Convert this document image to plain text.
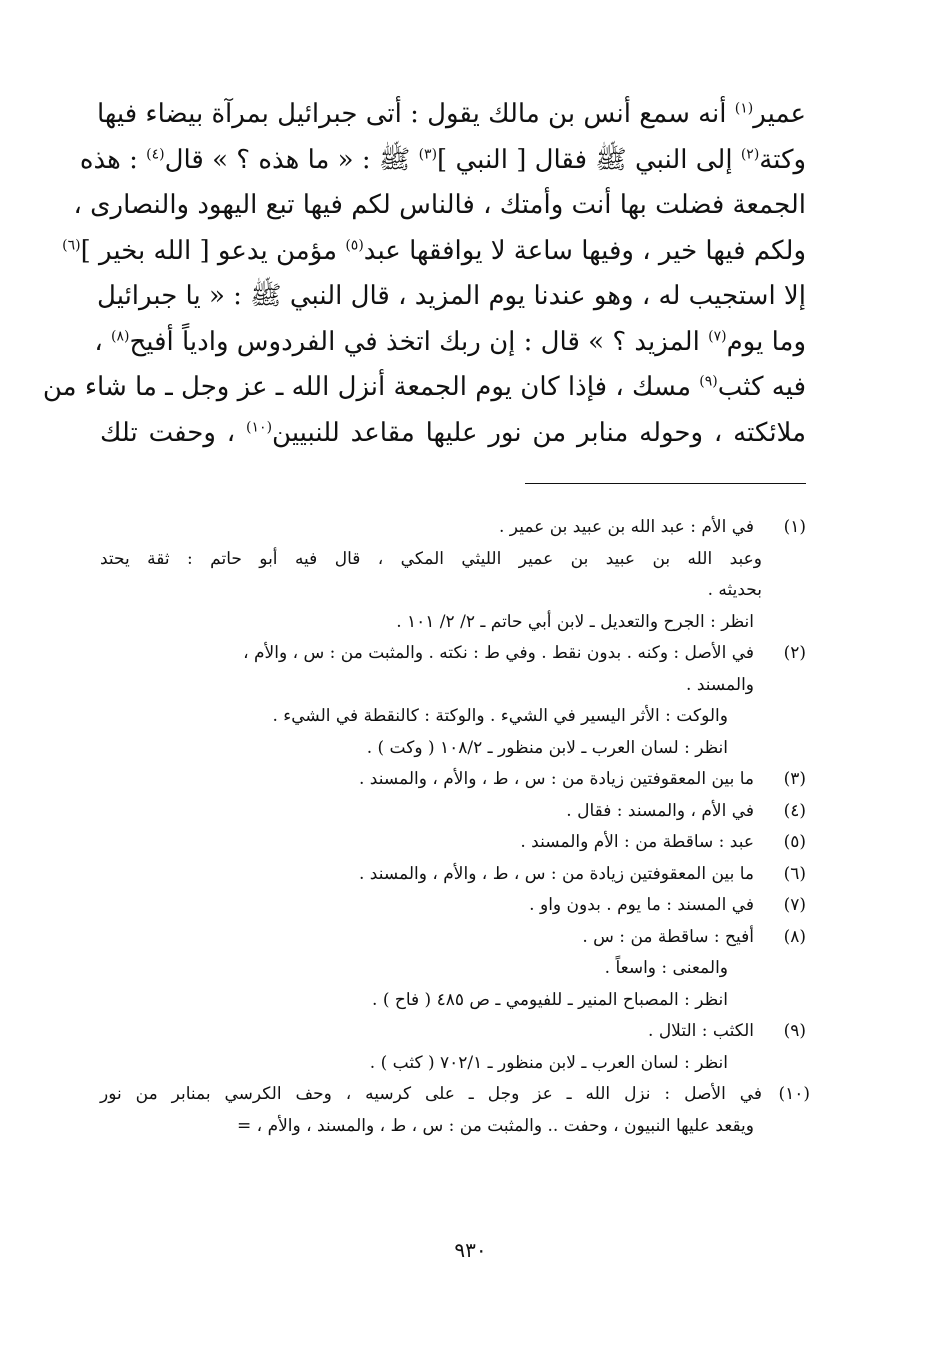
عمير$^{(١)}$ أنه سمع أنس بن مالك يقول : أتى جبرائيل بمرآة بيضاء فيها
وكتة$^{(٢)}$ إلى النبي ﷺ فقال [ النبي ]$^{(٣)}$ ﷺ : « ما هذه ؟ » قال$^{(٤)}$ : هذه
الجمعة فضلت بها أنت وأمتك ، فالناس لكم فيها تبع اليهود والنصارى ،
ولكم فيها خير ، وفيها ساعة لا يوافقها عبد$^{(٥)}$ مؤمن يدعو [ الله بخير ]$^{(٦)}$
إلا استجيب له ، وهو عندنا يوم المزيد ، قال النبي ﷺ : « يا جبرائيل
وما يوم$^{(٧)}$ المزيد ؟ » قال : إن ربك اتخذ في الفردوس وادياً أفيح$^{(٨)}$ ،
فيه كثب$^{(٩)}$ مسك ، فإذا كان يوم الجمعة أنزل الله ـ عز وجل ـ ما شاء من
ملائكته ، وحوله منابر من نور عليها مقاعد للنبيين$^{(١٠)}$ ، وحفت تلك
(١)
في الأم : عبد الله بن عبيد بن عمير .
وعبد الله بن عبيد بن عمير الليثي المكي ، قال فيه أبو حاتم : ثقة يحتد
بحديثه .
انظر : الجرح والتعديل ـ لابن أبي حاتم ـ ٢/ ٢/ ١٠١ .
(٢)
في الأصل : وكنه . بدون نقط . وفي ط : نكته . والمثبت من : س ، والأم ،
والمسند .
والوكت : الأثر اليسير في الشيء . والوكتة : كالنقطة في الشيء .
انظر : لسان العرب ـ لابن منظور ـ ١٠٨/٢ ( وكت ) .
(٣)
ما بين المعقوفتين زيادة من : س ، ط ، والأم ، والمسند .
(٤)
في الأم ، والمسند : فقال .
(٥)
عبد : ساقطة من : الأم والمسند .
(٦)
ما بين المعقوفتين زيادة من : س ، ط ، والأم ، والمسند .
(٧)
في المسند : ما يوم . بدون واو .
(٨)
أفيح : ساقطة من : س .
والمعنى : واسعاً .
انظر : المصباح المنير ـ للفيومي ـ ص ٤٨٥ ( فاح ) .
(٩)
الكثب : التلال .
انظر : لسان العرب ـ لابن منظور ـ ٧٠٢/١ ( كثب ) .
(١٠)
في الأصل : نزل الله ـ عز وجل ـ على كرسيه ، وحف الكرسي بمنابر من نور
ويقعد عليها النبيون ، وحفت .. والمثبت من : س ، ط ، والمسند ، والأم ، =
٩٣٠
